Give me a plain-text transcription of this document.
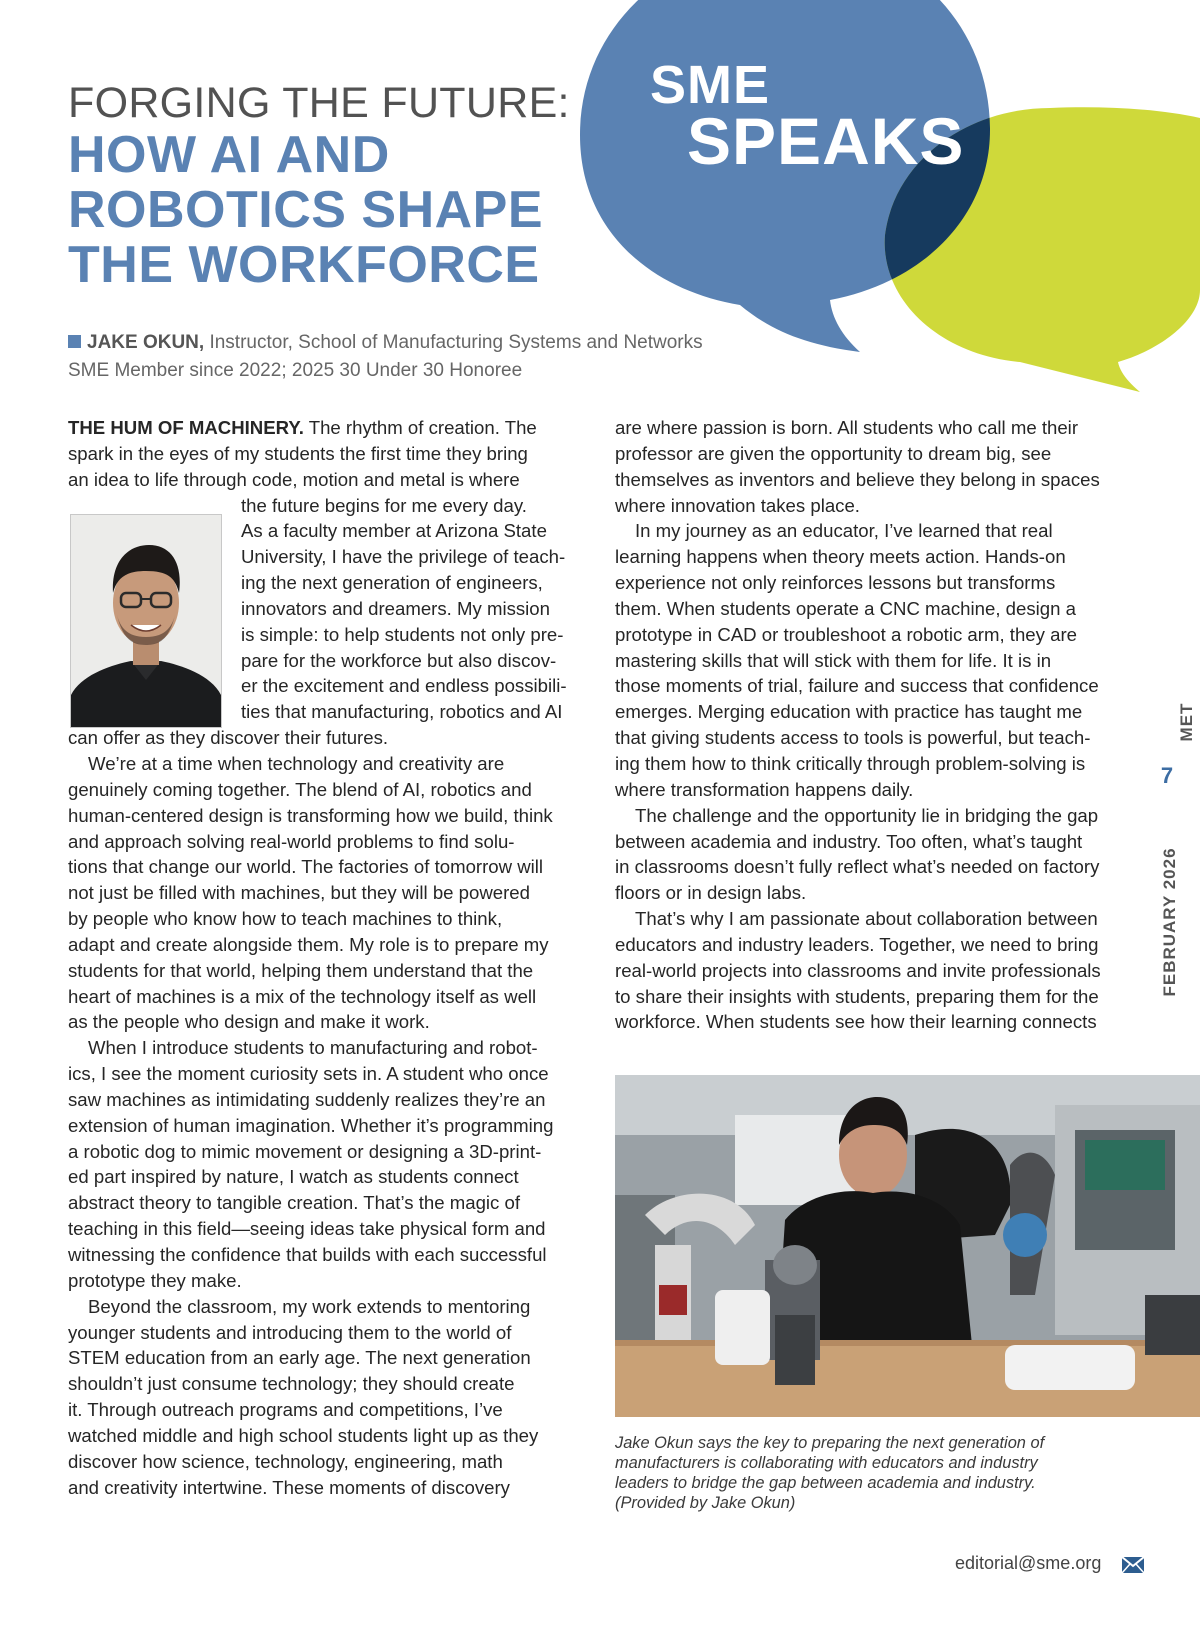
SME
SPEAKS
FORGING THE FUTURE:
HOW AI AND
ROBOTICS SHAPE
THE WORKFORCE
JAKE OKUN, Instructor, School of Manufacturing Systems and Networks
SME Member since 2022; 2025 30 Under 30 Honoree
THE HUM OF MACHINERY. The rhythm of creation. The
spark in the eyes of my students the first time they bring
an idea to life through code, motion and metal is where
the future begins for me every day.
As a faculty member at Arizona State
University, I have the privilege of teach-
ing the next generation of engineers,
innovators and dreamers. My mission
is simple: to help students not only pre-
pare for the workforce but also discov-
er the excitement and endless possibili-
ties that manufacturing, robotics and AI
can offer as they discover their futures.
We’re at a time when technology and creativity are
genuinely coming together. The blend of AI, robotics and
human-centered design is transforming how we build, think
and approach solving real-world problems to find solu-
tions that change our world. The factories of tomorrow will
not just be filled with machines, but they will be powered
by people who know how to teach machines to think,
adapt and create alongside them. My role is to prepare my
students for that world, helping them understand that the
heart of machines is a mix of the technology itself as well
as the people who design and make it work.
When I introduce students to manufacturing and robot-
ics, I see the moment curiosity sets in. A student who once
saw machines as intimidating suddenly realizes they’re an
extension of human imagination. Whether it’s programming
a robotic dog to mimic movement or designing a 3D-print-
ed part inspired by nature, I watch as students connect
abstract theory to tangible creation. That’s the magic of
teaching in this field—seeing ideas take physical form and
witnessing the confidence that builds with each successful
prototype they make.
Beyond the classroom, my work extends to mentoring
younger students and introducing them to the world of
STEM education from an early age. The next generation
shouldn’t just consume technology; they should create
it. Through outreach programs and competitions, I’ve
watched middle and high school students light up as they
discover how science, technology, engineering, math
and creativity intertwine. These moments of discovery
are where passion is born. All students who call me their
professor are given the opportunity to dream big, see
themselves as inventors and believe they belong in spaces
where innovation takes place.
In my journey as an educator, I’ve learned that real
learning happens when theory meets action. Hands-on
experience not only reinforces lessons but transforms
them. When students operate a CNC machine, design a
prototype in CAD or troubleshoot a robotic arm, they are
mastering skills that will stick with them for life. It is in
those moments of trial, failure and success that confidence
emerges. Merging education with practice has taught me
that giving students access to tools is powerful, but teach-
ing them how to think critically through problem-solving is
where transformation happens daily.
The challenge and the opportunity lie in bridging the gap
between academia and industry. Too often, what’s taught
in classrooms doesn’t fully reflect what’s needed on factory
floors or in design labs.
That’s why I am passionate about collaboration between
educators and industry leaders. Together, we need to bring
real-world projects into classrooms and invite professionals
to share their insights with students, preparing them for the
workforce. When students see how their learning connects
Jake Okun says the key to preparing the next generation of
manufacturers is collaborating with educators and industry
leaders to bridge the gap between academia and industry.
(Provided by Jake Okun)
MET
7
FEBRUARY 2026
editorial@sme.org
